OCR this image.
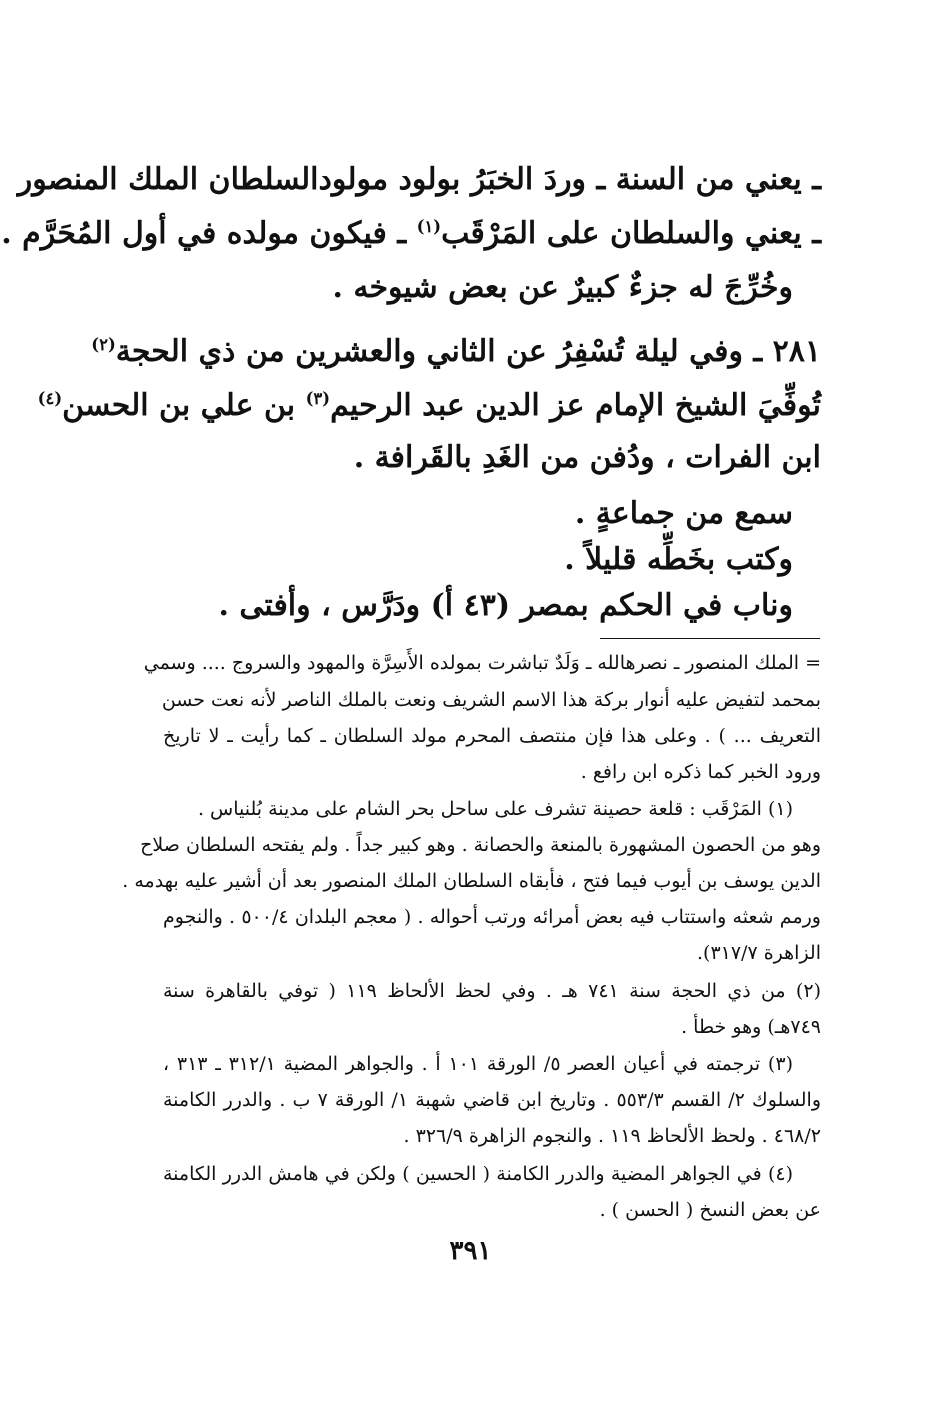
ـ يعني من السنة ـ وردَ الخبَرُ بولود مولودالسلطان الملك المنصور
ـ يعني والسلطان على المَرْقَب$^{(١)}$ ـ فيكون مولده في أول المُحَرَّم .
وخُرِّجَ له جزءٌ كبيرٌ عن بعض شيوخه .
٢٨١ ـ وفي ليلة تُسْفِرُ عن الثاني والعشرين من ذي الحجة$^{(٢)}$
تُوفِّيَ الشيخ الإمام عز الدين عبد الرحيم$^{(٣)}$ بن علي بن الحسن$^{(٤)}$
ابن الفرات ، ودُفن من الغَدِ بالقَرافة .
سمع من جماعةٍ .
وكتب بخَطِّه قليلاً .
وناب في الحكم بمصر (٤٣ أ) ودَرَّس ، وأفتى .
= الملك المنصور ـ نصرهالله ـ وَلَدٌ تباشرت بمولده الأَسِرَّة والمهود والسروج .... وسمي
بمحمد لتفيض عليه أنوار بركة هذا الاسم الشريف ونعت بالملك الناصر لأنه نعت حسن
التعريف ... ) . وعلى هذا فإن منتصف المحرم مولد السلطان ـ كما رأيت ـ لا تاريخ
ورود الخبر كما ذكره ابن رافع .
(١) المَرْقَب : قلعة حصينة تشرف على ساحل بحر الشام على مدينة بُلنياس .
وهو من الحصون المشهورة بالمنعة والحصانة . وهو كبير جداً . ولم يفتحه السلطان صلاح
الدين يوسف بن أيوب فيما فتح ، فأبقاه السلطان الملك المنصور بعد أن أشير عليه بهدمه .
ورمم شعثه واستتاب فيه بعض أمرائه ورتب أحواله . ( معجم البلدان ٥٠٠/٤ . والنجوم
الزاهرة ٣١٧/٧).
(٢) من ذي الحجة سنة ٧٤١ هـ . وفي لحظ الألحاظ ١١٩ ( توفي بالقاهرة سنة
٧٤٩هـ) وهو خطأ .
(٣) ترجمته في أعيان العصر ٥/ الورقة ١٠١ أ . والجواهر المضية ٣١٢/١ ـ ٣١٣ ،
والسلوك ٢/ القسم ٥٥٣/٣ . وتاريخ ابن قاضي شهبة ١/ الورقة ٧ ب . والدرر الكامنة
٤٦٨/٢ . ولحظ الألحاظ ١١٩ . والنجوم الزاهرة ٣٢٦/٩ .
(٤) في الجواهر المضية والدرر الكامنة ( الحسين ) ولكن في هامش الدرر الكامنة
عن بعض النسخ ( الحسن ) .
٣٩١
